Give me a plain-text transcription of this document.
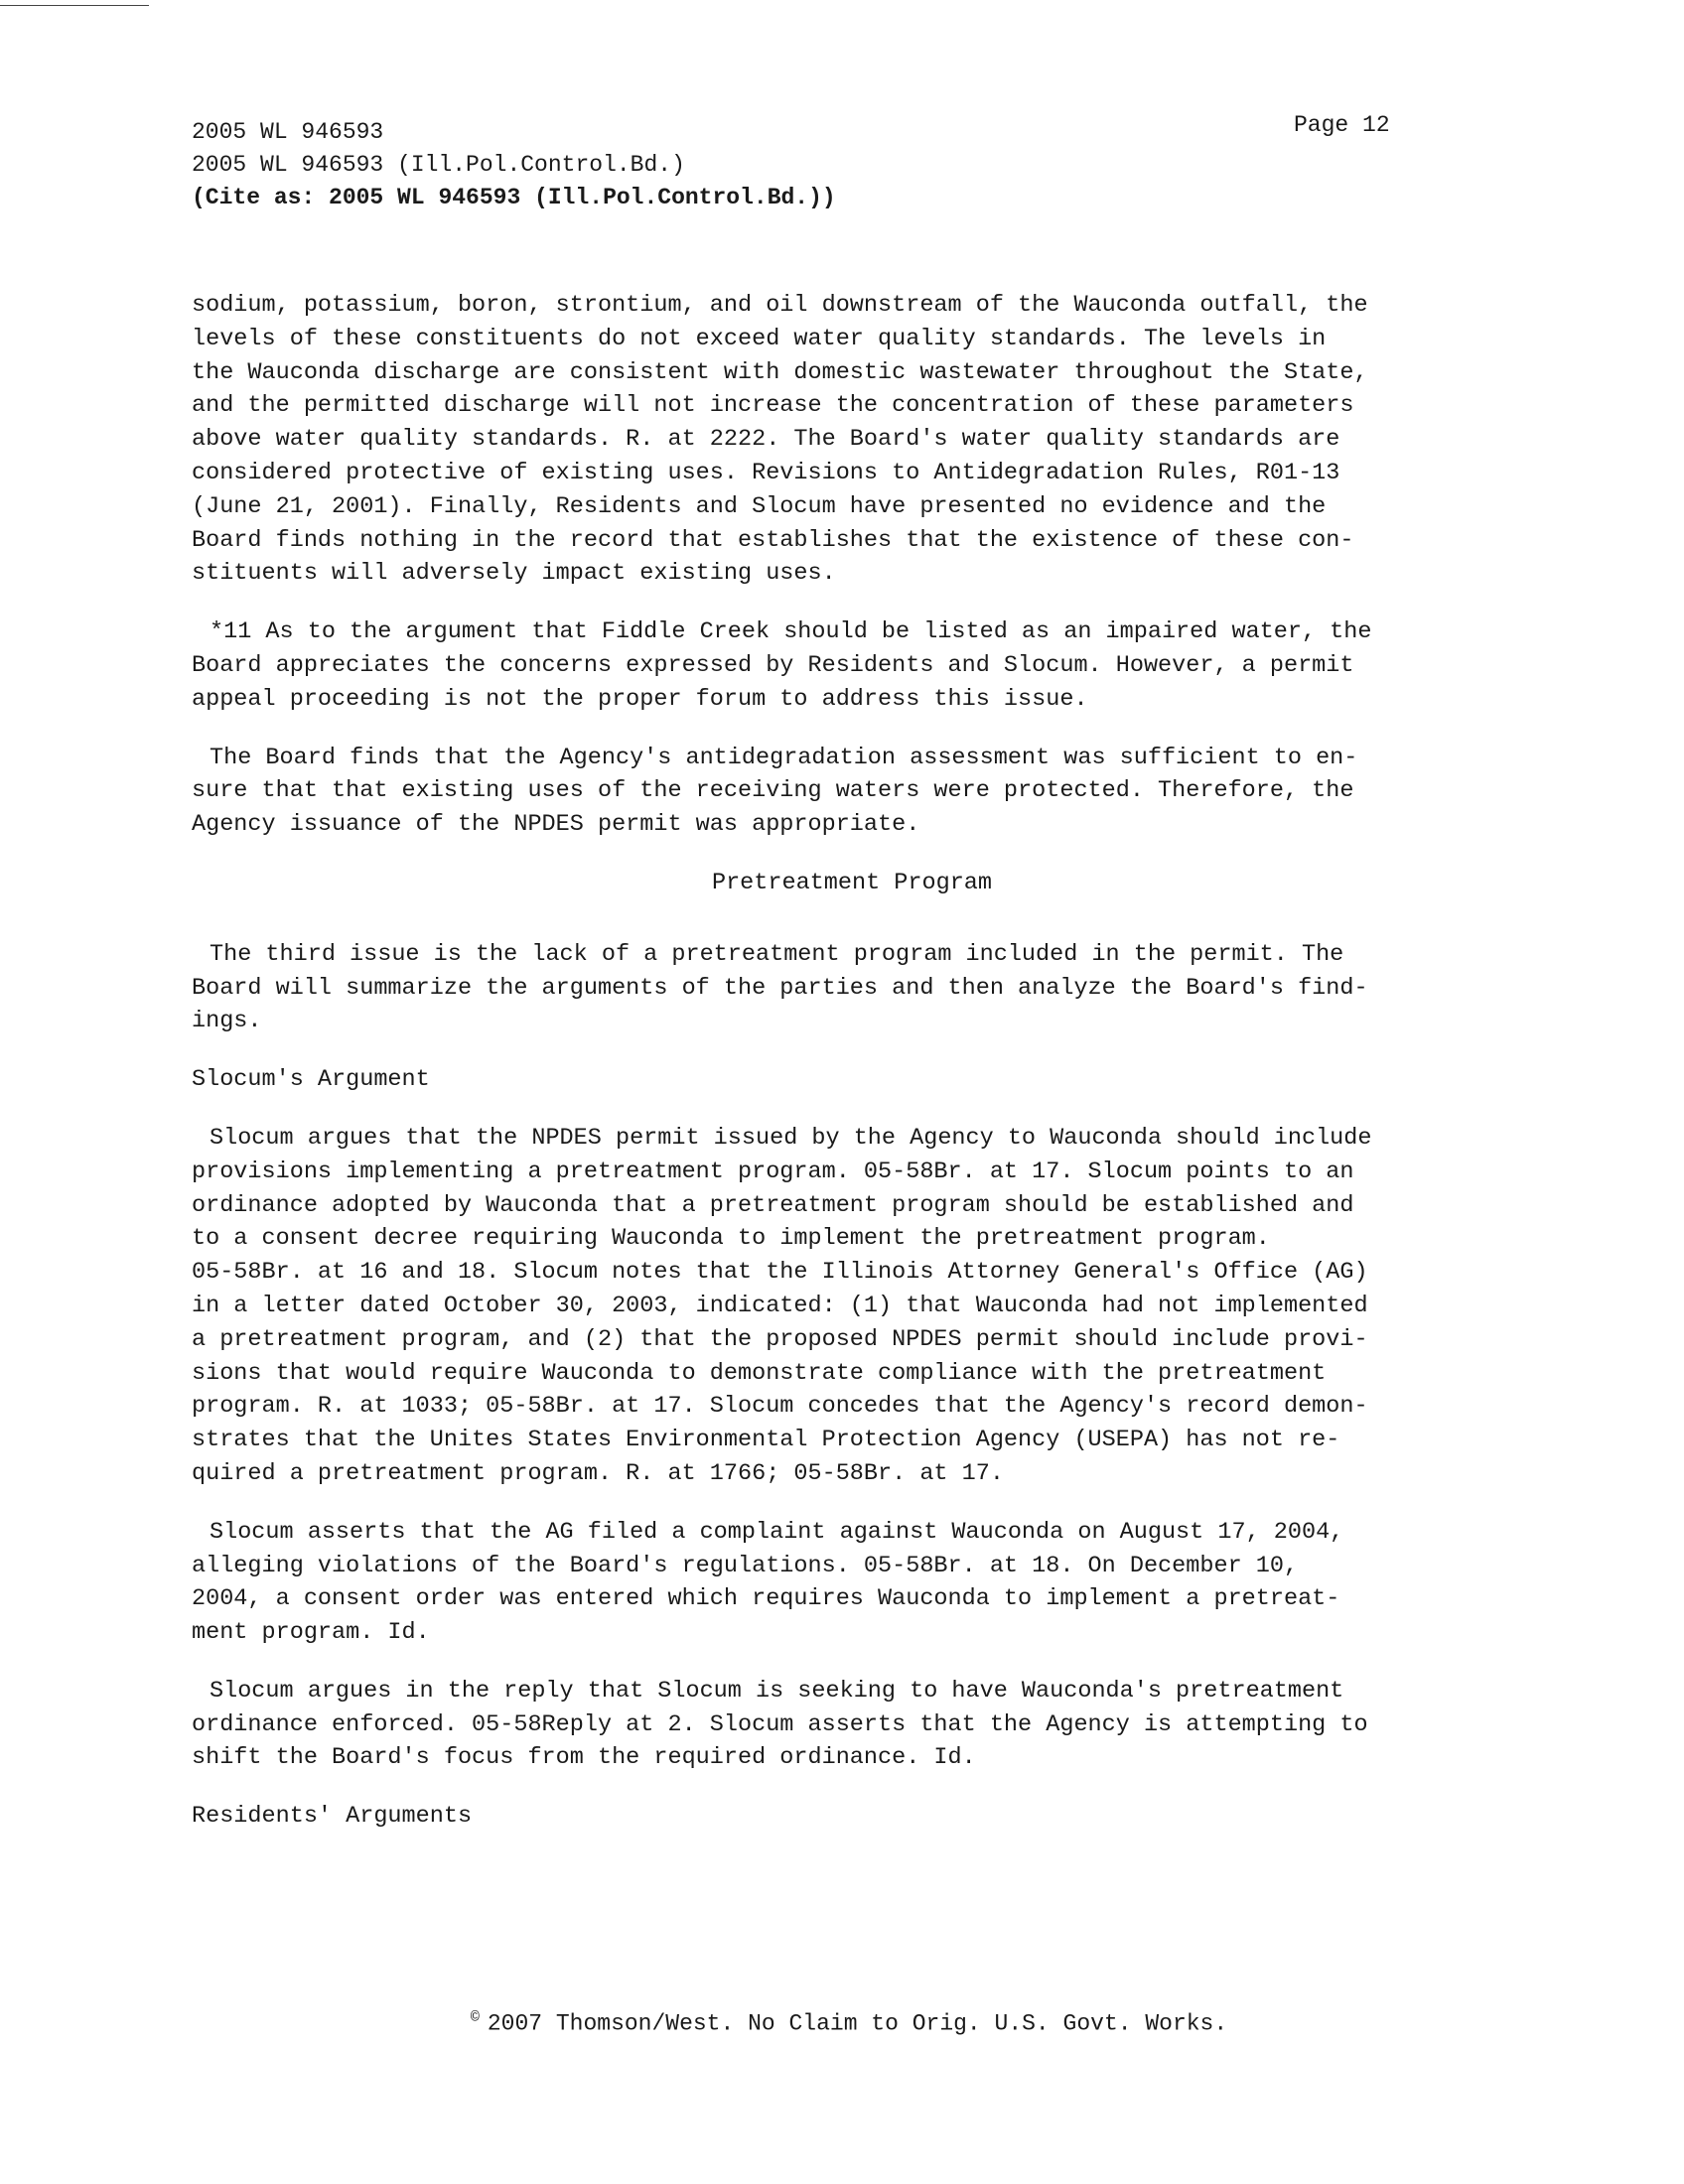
2005 WL 946593
2005 WL 946593 (Ill.Pol.Control.Bd.)
(Cite as: 2005 WL 946593 (Ill.Pol.Control.Bd.))
Page 12

sodium, potassium, boron, strontium, and oil downstream of the Wauconda outfall, the
levels of these constituents do not exceed water quality standards. The levels in
the Wauconda discharge are consistent with domestic wastewater throughout the State,
and the permitted discharge will not increase the concentration of these parameters
above water quality standards. R. at 2222. The Board's water quality standards are
considered protective of existing uses. Revisions to Antidegradation Rules, R01-13
(June 21, 2001). Finally, Residents and Slocum have presented no evidence and the
Board finds nothing in the record that establishes that the existence of these con-
stituents will adversely impact existing uses.

*11 As to the argument that Fiddle Creek should be listed as an impaired water, the
Board appreciates the concerns expressed by Residents and Slocum. However, a permit
appeal proceeding is not the proper forum to address this issue.

The Board finds that the Agency's antidegradation assessment was sufficient to en-
sure that that existing uses of the receiving waters were protected. Therefore, the
Agency issuance of the NPDES permit was appropriate.

Pretreatment Program

The third issue is the lack of a pretreatment program included in the permit. The
Board will summarize the arguments of the parties and then analyze the Board's find-
ings.

Slocum's Argument

Slocum argues that the NPDES permit issued by the Agency to Wauconda should include
provisions implementing a pretreatment program. 05-58Br. at 17. Slocum points to an
ordinance adopted by Wauconda that a pretreatment program should be established and
to a consent decree requiring Wauconda to implement the pretreatment program.
05-58Br. at 16 and 18. Slocum notes that the Illinois Attorney General's Office (AG)
in a letter dated October 30, 2003, indicated: (1) that Wauconda had not implemented
a pretreatment program, and (2) that the proposed NPDES permit should include provi-
sions that would require Wauconda to demonstrate compliance with the pretreatment
program. R. at 1033; 05-58Br. at 17. Slocum concedes that the Agency's record demon-
strates that the Unites States Environmental Protection Agency (USEPA) has not re-
quired a pretreatment program. R. at 1766; 05-58Br. at 17.

Slocum asserts that the AG filed a complaint against Wauconda on August 17, 2004,
alleging violations of the Board's regulations. 05-58Br. at 18. On December 10,
2004, a consent order was entered which requires Wauconda to implement a pretreat-
ment program. Id.

Slocum argues in the reply that Slocum is seeking to have Wauconda's pretreatment
ordinance enforced. 05-58Reply at 2. Slocum asserts that the Agency is attempting to
shift the Board's focus from the required ordinance. Id.

Residents' Arguments
© 2007 Thomson/West. No Claim to Orig. U.S. Govt. Works.
